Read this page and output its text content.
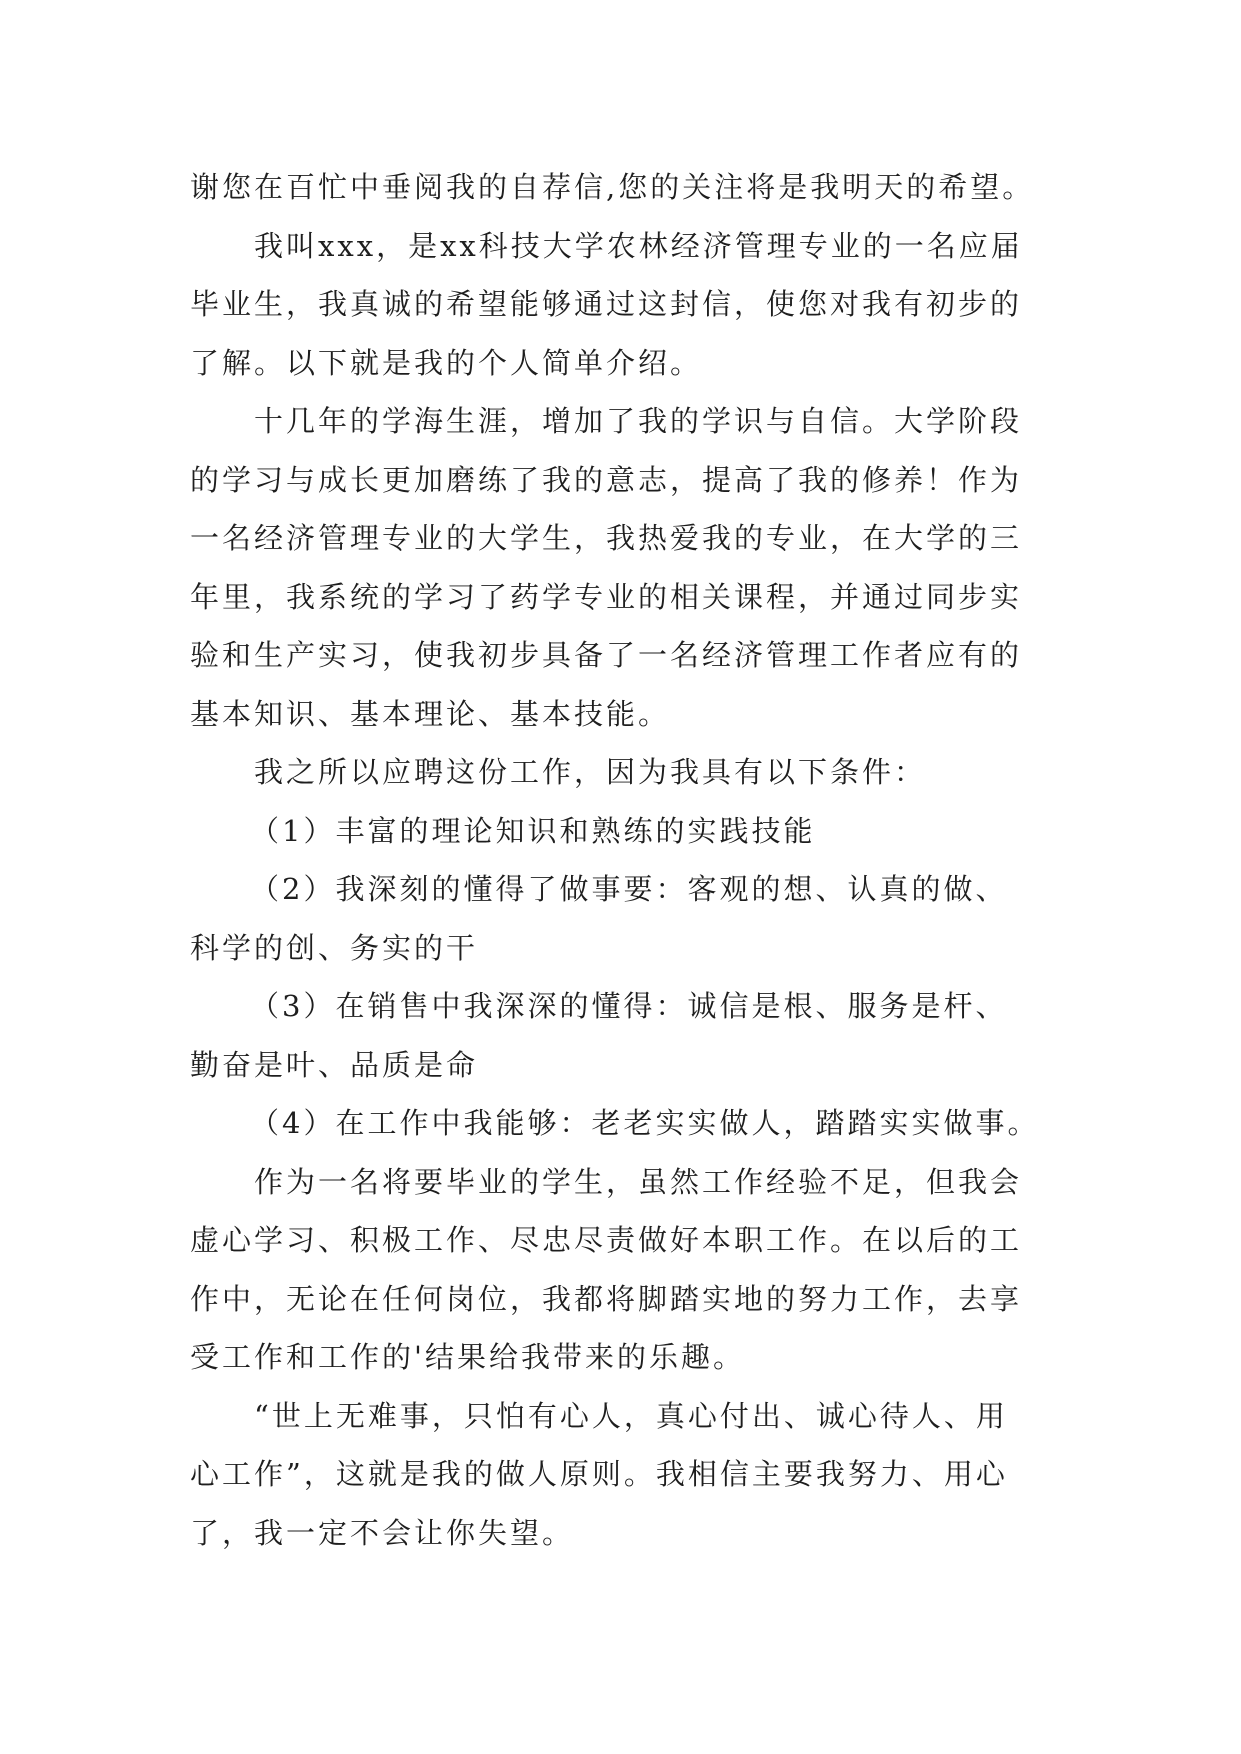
谢您在百忙中垂阅我的自荐信,您的关注将是我明天的希望。
我叫xxx，是xx科技大学农林经济管理专业的一名应届
毕业生，我真诚的希望能够通过这封信，使您对我有初步的
了解。以下就是我的个人简单介绍。
十几年的学海生涯，增加了我的学识与自信。大学阶段
的学习与成长更加磨练了我的意志，提高了我的修养！作为
一名经济管理专业的大学生，我热爱我的专业，在大学的三
年里，我系统的学习了药学专业的相关课程，并通过同步实
验和生产实习，使我初步具备了一名经济管理工作者应有的
基本知识、基本理论、基本技能。
我之所以应聘这份工作，因为我具有以下条件：
（1）丰富的理论知识和熟练的实践技能
（2）我深刻的懂得了做事要：客观的想、认真的做、
科学的创、务实的干
（3）在销售中我深深的懂得：诚信是根、服务是杆、
勤奋是叶、品质是命
（4）在工作中我能够：老老实实做人，踏踏实实做事。
作为一名将要毕业的学生，虽然工作经验不足，但我会
虚心学习、积极工作、尽忠尽责做好本职工作。在以后的工
作中，无论在任何岗位，我都将脚踏实地的努力工作，去享
受工作和工作的'结果给我带来的乐趣。
“世上无难事，只怕有心人，真心付出、诚心待人、用
心工作”，这就是我的做人原则。我相信主要我努力、用心
了，我一定不会让你失望。
